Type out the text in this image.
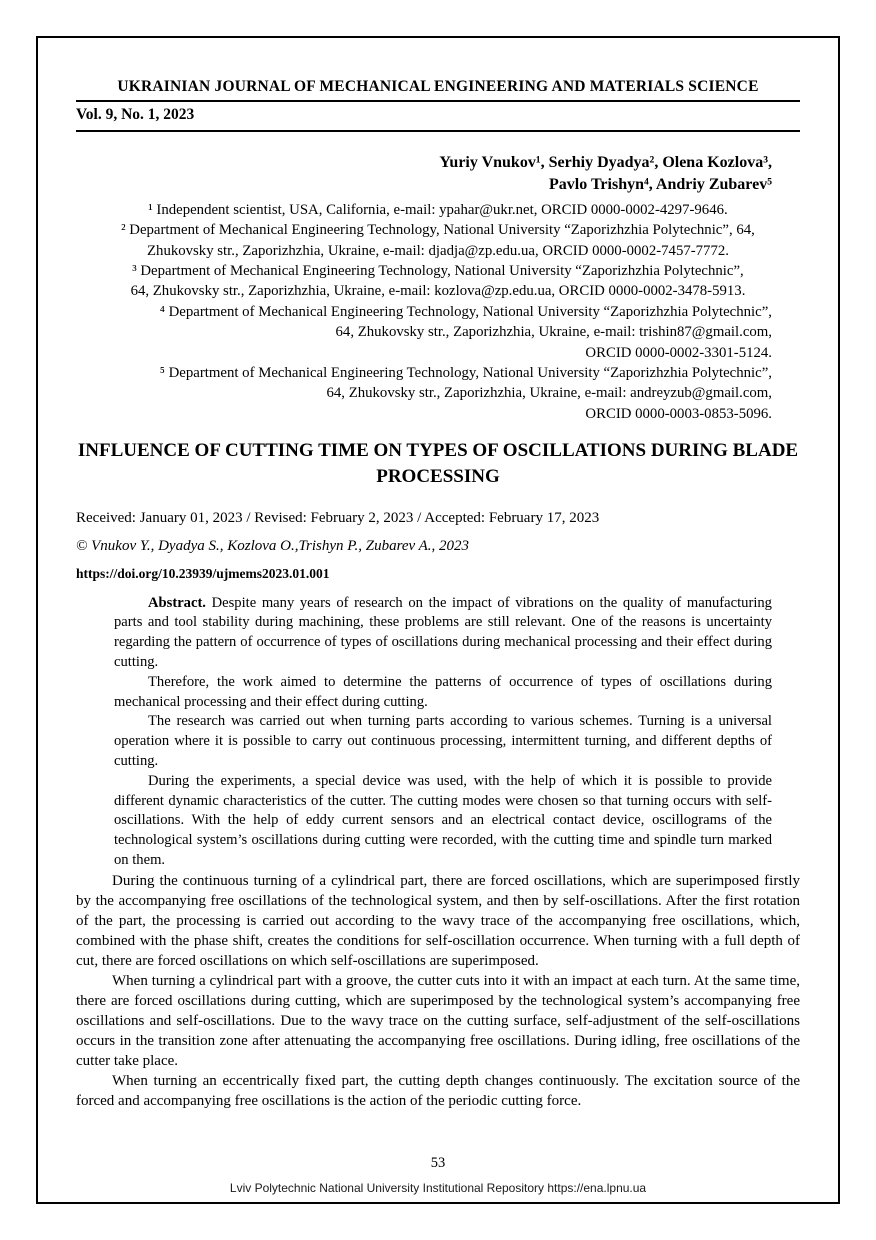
UKRAINIAN JOURNAL OF MECHANICAL ENGINEERING AND MATERIALS SCIENCE
Vol. 9, No. 1, 2023
Yuriy Vnukov¹, Serhiy Dyadya², Olena Kozlova³,
Pavlo Trishyn⁴, Andriy Zubarev⁵

¹ Independent scientist, USA, California, e-mail: ypahar@ukr.net, ORCID 0000-0002-4297-9646.

² Department of Mechanical Engineering Technology, National University “Zaporizhzhia Polytechnic”, 64,
Zhukovsky str., Zaporizhzhia, Ukraine, e-mail: djadja@zp.edu.ua, ORCID 0000-0002-7457-7772.

³ Department of Mechanical Engineering Technology, National University “Zaporizhzhia Polytechnic”,
64, Zhukovsky str., Zaporizhzhia, Ukraine, e-mail: kozlova@zp.edu.ua, ORCID 0000-0002-3478-5913.

⁴ Department of Mechanical Engineering Technology, National University “Zaporizhzhia Polytechnic”,
64, Zhukovsky str., Zaporizhzhia, Ukraine, e-mail: trishin87@gmail.com,
ORCID 0000-0002-3301-5124.

⁵ Department of Mechanical Engineering Technology, National University “Zaporizhzhia Polytechnic”,
64, Zhukovsky str., Zaporizhzhia, Ukraine, e-mail: andreyzub@gmail.com,
ORCID 0000-0003-0853-5096.

INFLUENCE OF CUTTING TIME ON TYPES OF OSCILLATIONS DURING BLADE PROCESSING

Received: January 01, 2023 / Revised: February 2, 2023 / Accepted: February 17, 2023

© Vnukov Y., Dyadya S., Kozlova O.,Trishyn P., Zubarev A., 2023

https://doi.org/10.23939/ujmems2023.01.001

Abstract. Despite many years of research on the impact of vibrations on the quality of manufacturing parts and tool stability during machining, these problems are still relevant. One of the reasons is uncertainty regarding the pattern of occurrence of types of oscillations during mechanical processing and their effect during cutting.

Therefore, the work aimed to determine the patterns of occurrence of types of oscillations during mechanical processing and their effect during cutting.

The research was carried out when turning parts according to various schemes. Turning is a universal operation where it is possible to carry out continuous processing, intermittent turning, and different depths of cutting.

During the experiments, a special device was used, with the help of which it is possible to provide different dynamic characteristics of the cutter. The cutting modes were chosen so that turning occurs with self-oscillations. With the help of eddy current sensors and an electrical contact device, oscillograms of the technological system’s oscillations during cutting were recorded, with the cutting time and spindle turn marked on them.

During the continuous turning of a cylindrical part, there are forced oscillations, which are superimposed firstly by the accompanying free oscillations of the technological system, and then by self-oscillations. After the first rotation of the part, the processing is carried out according to the wavy trace of the accompanying free oscillations, which, combined with the phase shift, creates the conditions for self-oscillation occurrence. When turning with a full depth of cut, there are forced oscillations on which self-oscillations are superimposed.

When turning a cylindrical part with a groove, the cutter cuts into it with an impact at each turn. At the same time, there are forced oscillations during cutting, which are superimposed by the technological system’s accompanying free oscillations and self-oscillations. Due to the wavy trace on the cutting surface, self-adjustment of the self-oscillations occurs in the transition zone after attenuating the accompanying free oscillations. During idling, free oscillations of the cutter take place.

When turning an eccentrically fixed part, the cutting depth changes continuously. The excitation source of the forced and accompanying free oscillations is the action of the periodic cutting force.

53
Lviv Polytechnic National University Institutional Repository https://ena.lpnu.ua
